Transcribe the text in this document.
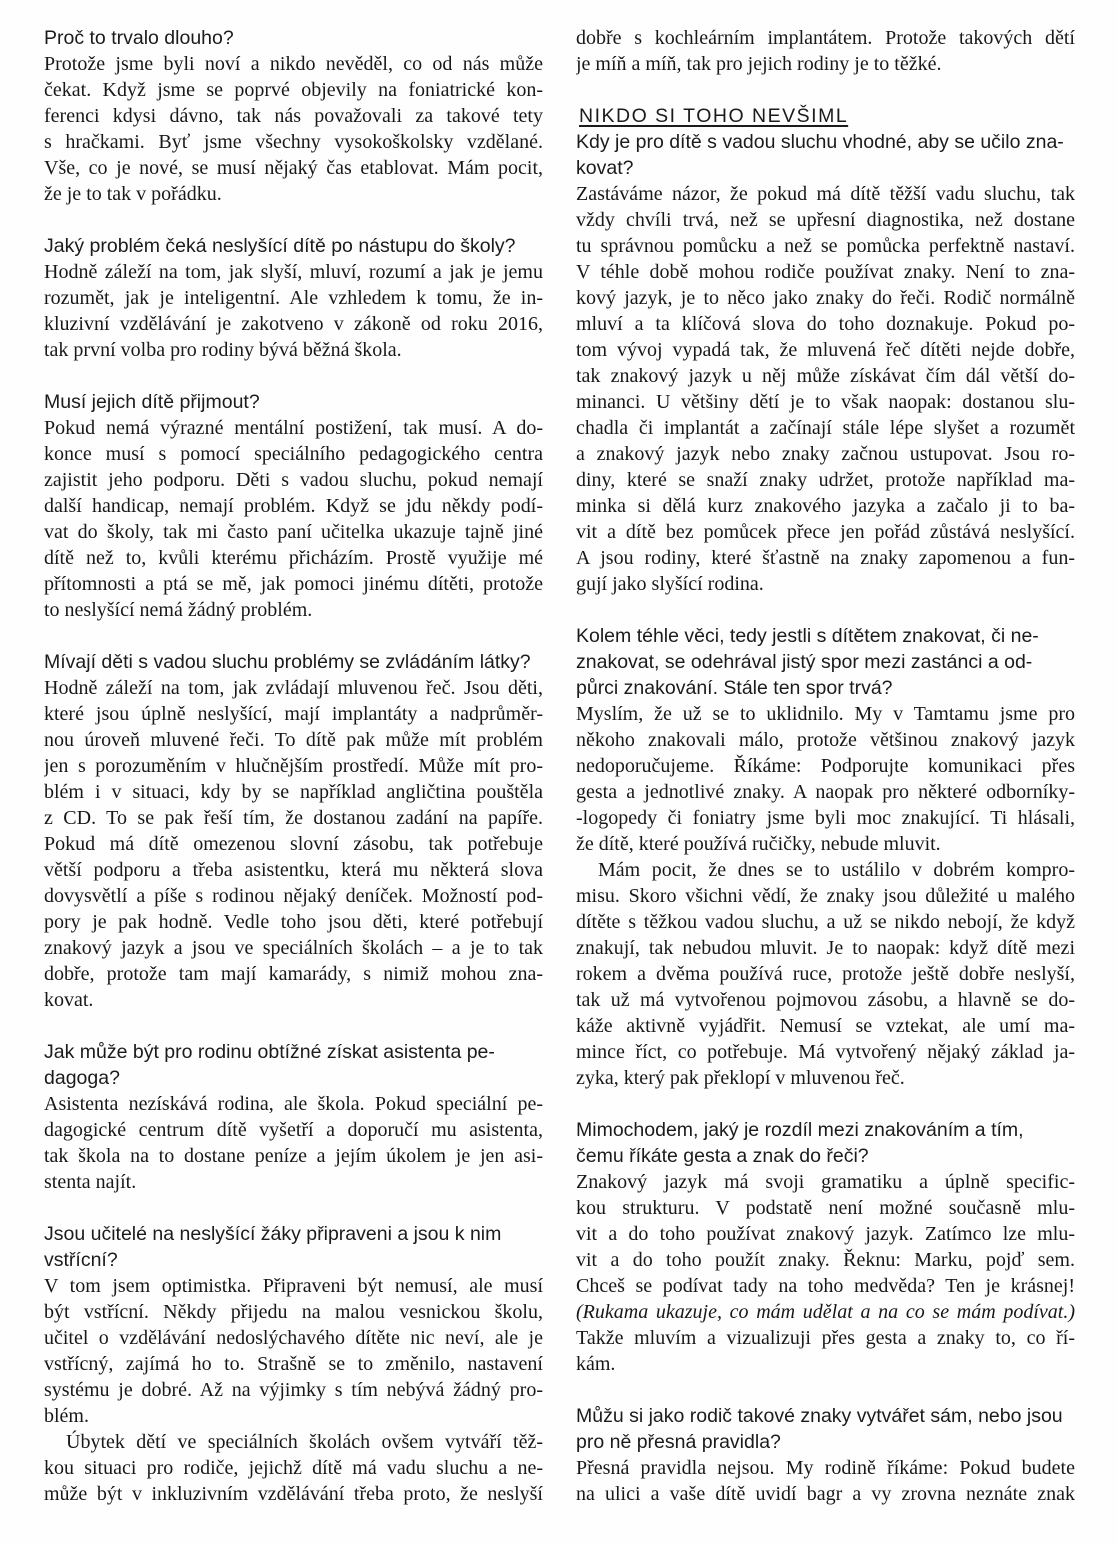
Proč to trvalo dlouho?
Protože jsme byli noví a nikdo nevěděl, co od nás může
čekat. Když jsme se poprvé objevily na foniatrické kon-
ferenci kdysi dávno, tak nás považovali za takové tety
s hračkami. Byť jsme všechny vysokoškolsky vzdělané.
Vše, co je nové, se musí nějaký čas etablovat. Mám pocit,
že je to tak v pořádku.
Jaký problém čeká neslyšící dítě po nástupu do školy?
Hodně záleží na tom, jak slyší, mluví, rozumí a jak je jemu
rozumět, jak je inteligentní. Ale vzhledem k tomu, že in-
kluzivní vzdělávání je zakotveno v zákoně od roku 2016,
tak první volba pro rodiny bývá běžná škola.
Musí jejich dítě přijmout?
Pokud nemá výrazné mentální postižení, tak musí. A do-
konce musí s pomocí speciálního pedagogického centra
zajistit jeho podporu. Děti s vadou sluchu, pokud nemají
další handicap, nemají problém. Když se jdu někdy podí-
vat do školy, tak mi často paní učitelka ukazuje tajně jiné
dítě než to, kvůli kterému přicházím. Prostě využije mé
přítomnosti a ptá se mě, jak pomoci jinému dítěti, protože
to neslyšící nemá žádný problém.
Mívají děti s vadou sluchu problémy se zvládáním látky?
Hodně záleží na tom, jak zvládají mluvenou řeč. Jsou děti,
které jsou úplně neslyšící, mají implantáty a nadprůměr-
nou úroveň mluvené řeči. To dítě pak může mít problém
jen s porozuměním v hlučnějším prostředí. Může mít pro-
blém i v situaci, kdy by se například angličtina pouštěla
z CD. To se pak řeší tím, že dostanou zadání na papíře.
Pokud má dítě omezenou slovní zásobu, tak potřebuje
větší podporu a třeba asistentku, která mu některá slova
dovysvětlí a píše s rodinou nějaký deníček. Možností pod-
pory je pak hodně. Vedle toho jsou děti, které potřebují
znakový jazyk a jsou ve speciálních školách – a je to tak
dobře, protože tam mají kamarády, s nimiž mohou zna-
kovat.
Jak může být pro rodinu obtížné získat asistenta pe-
dagoga?
Asistenta nezískává rodina, ale škola. Pokud speciální pe-
dagogické centrum dítě vyšetří a doporučí mu asistenta,
tak škola na to dostane peníze a jejím úkolem je jen asi-
stenta najít.
Jsou učitelé na neslyšící žáky připraveni a jsou k nim
vstřícní?
V tom jsem optimistka. Připraveni být nemusí, ale musí
být vstřícní. Někdy přijedu na malou vesnickou školu,
učitel o vzdělávání nedoslýchavého dítěte nic neví, ale je
vstřícný, zajímá ho to. Strašně se to změnilo, nastavení
systému je dobré. Až na výjimky s tím nebývá žádný pro-
blém.
Úbytek dětí ve speciálních školách ovšem vytváří těž-
kou situaci pro rodiče, jejichž dítě má vadu sluchu a ne-
může být v inkluzivním vzdělávání třeba proto, že neslyší
dobře s kochleárním implantátem. Protože takových dětí
je míň a míň, tak pro jejich rodiny je to těžké.
NIKDO SI TOHO NEVŠIML
Kdy je pro dítě s vadou sluchu vhodné, aby se učilo zna-
kovat?
Zastáváme názor, že pokud má dítě těžší vadu sluchu, tak
vždy chvíli trvá, než se upřesní diagnostika, než dostane
tu správnou pomůcku a než se pomůcka perfektně nastaví.
V téhle době mohou rodiče používat znaky. Není to zna-
kový jazyk, je to něco jako znaky do řeči. Rodič normálně
mluví a ta klíčová slova do toho doznakuje. Pokud po-
tom vývoj vypadá tak, že mluvená řeč dítěti nejde dobře,
tak znakový jazyk u něj může získávat čím dál větší do-
minanci. U většiny dětí je to však naopak: dostanou slu-
chadla či implantát a začínají stále lépe slyšet a rozumět
a znakový jazyk nebo znaky začnou ustupovat. Jsou ro-
diny, které se snaží znaky udržet, protože například ma-
minka si dělá kurz znakového jazyka a začalo ji to ba-
vit a dítě bez pomůcek přece jen pořád zůstává neslyšící.
A jsou rodiny, které šťastně na znaky zapomenou a fun-
gují jako slyšící rodina.
Kolem téhle věci, tedy jestli s dítětem znakovat, či ne-
znakovat, se odehrával jistý spor mezi zastánci a od-
půrci znakování. Stále ten spor trvá?
Myslím, že už se to uklidnilo. My v Tamtamu jsme pro
někoho znakovali málo, protože většinou znakový jazyk
nedoporučujeme. Říkáme: Podporujte komunikaci přes
gesta a jednotlivé znaky. A naopak pro některé odborníky-
-logopedy či foniatry jsme byli moc znakující. Ti hlásali,
že dítě, které používá ručičky, nebude mluvit.
Mám pocit, že dnes se to ustálilo v dobrém kompro-
misu. Skoro všichni vědí, že znaky jsou důležité u malého
dítěte s těžkou vadou sluchu, a už se nikdo nebojí, že když
znakují, tak nebudou mluvit. Je to naopak: když dítě mezi
rokem a dvěma používá ruce, protože ještě dobře neslyší,
tak už má vytvořenou pojmovou zásobu, a hlavně se do-
káže aktivně vyjádřit. Nemusí se vztekat, ale umí ma-
mince říct, co potřebuje. Má vytvořený nějaký základ ja-
zyka, který pak překlopí v mluvenou řeč.
Mimochodem, jaký je rozdíl mezi znakováním a tím,
čemu říkáte gesta a znak do řeči?
Znakový jazyk má svoji gramatiku a úplně specific-
kou strukturu. V podstatě není možné současně mlu-
vit a do toho používat znakový jazyk. Zatímco lze mlu-
vit a do toho použít znaky. Řeknu: Marku, pojď sem.
Chceš se podívat tady na toho medvěda? Ten je krásnej!
(Rukama ukazuje, co mám udělat a na co se mám podívat.)
Takže mluvím a vizualizuji přes gesta a znaky to, co ří-
kám.
Můžu si jako rodič takové znaky vytvářet sám, nebo jsou
pro ně přesná pravidla?
Přesná pravidla nejsou. My rodině říkáme: Pokud budete
na ulici a vaše dítě uvidí bagr a vy zrovna neznáte znak
